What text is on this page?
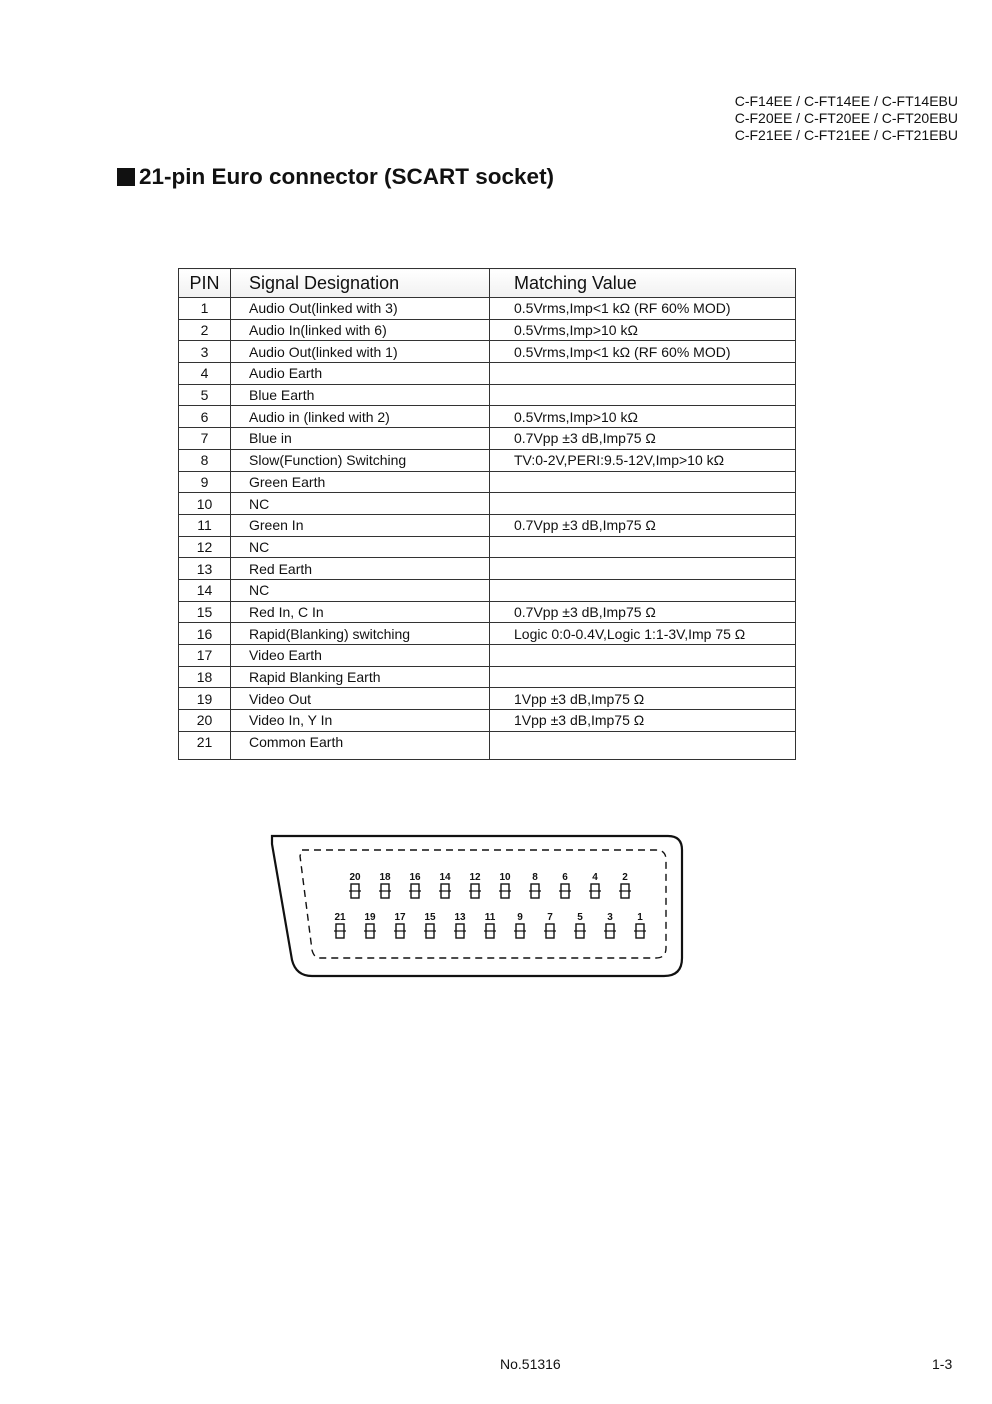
C-F14EE / C-FT14EE / C-FT14EBU
C-F20EE / C-FT20EE / C-FT20EBU
C-F21EE / C-FT21EE / C-FT21EBU
21-pin Euro connector (SCART socket)
PIN	Signal Designation	Matching Value
1	Audio Out(linked with 3)	0.5Vrms,Imp<1 kΩ (RF 60% MOD)
2	Audio In(linked with 6)	0.5Vrms,Imp>10 kΩ
3	Audio Out(linked with 1)	0.5Vrms,Imp<1 kΩ (RF 60% MOD)
4	Audio Earth	
5	Blue Earth	
6	Audio in (linked with 2)	0.5Vrms,Imp>10 kΩ
7	Blue in	0.7Vpp ±3 dB,Imp75 Ω
8	Slow(Function) Switching	TV:0-2V,PERI:9.5-12V,Imp>10 kΩ
9	Green Earth	
10	NC	
11	Green In	0.7Vpp ±3 dB,Imp75 Ω
12	NC	
13	Red Earth	
14	NC	
15	Red In, C In	0.7Vpp ±3 dB,Imp75 Ω
16	Rapid(Blanking) switching	Logic 0:0-0.4V,Logic 1:1-3V,Imp 75 Ω
17	Video Earth	
18	Rapid Blanking Earth	
19	Video Out	1Vpp ±3 dB,Imp75 Ω
20	Video In, Y In	1Vpp ±3 dB,Imp75 Ω
21	Common Earth	
20 18 16 14 12 10 8 6 4 2
21 19 17 15 13 11 9 7 5 3 1
No.51316	1-3
